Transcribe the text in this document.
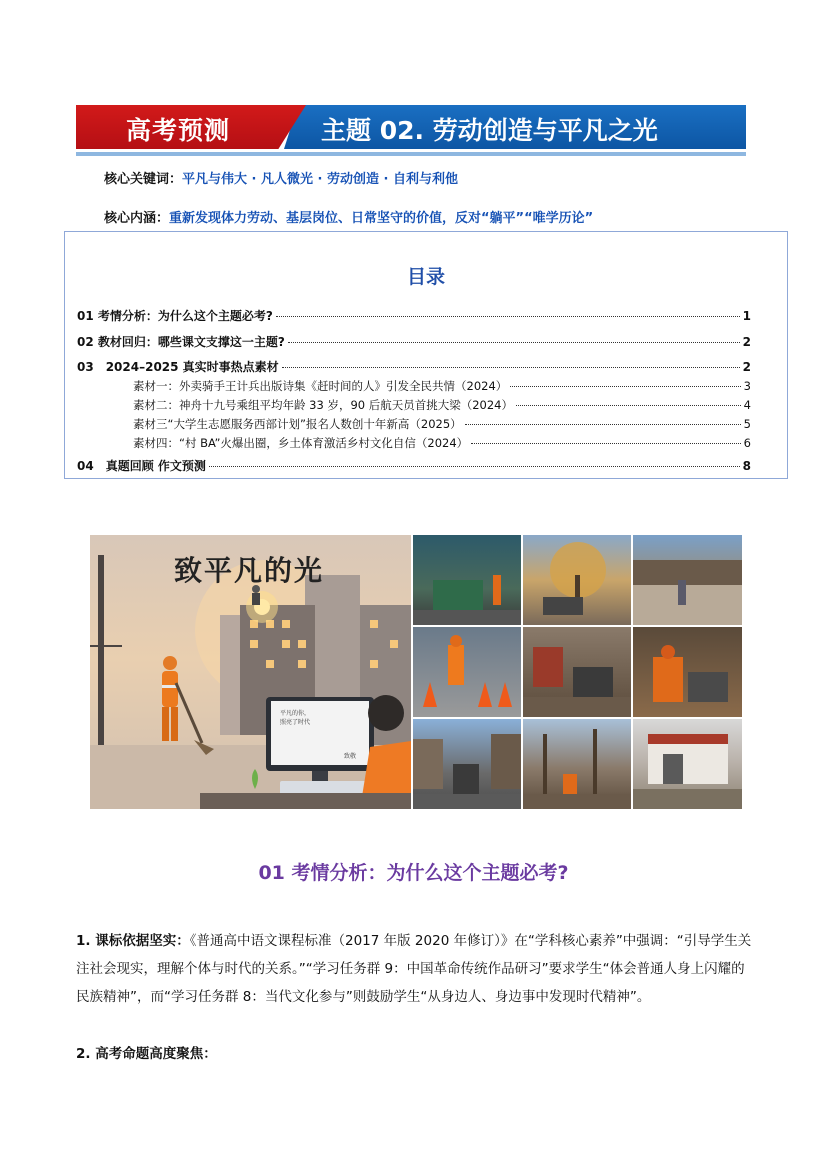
高考预测	主题 02. 劳动创造与平凡之光
核心关键词：平凡与伟大 · 凡人微光 · 劳动创造 · 自利与利他
核心内涵：重新发现体力劳动、基层岗位、日常坚守的价值，反对“躺平”“唯学历论”
目录
01 考情分析：为什么这个主题必考?	1
02 教材回归：哪些课文支撑这一主题?	2
03　2024–2025 真实时事热点素材	2
素材一：外卖骑手王计兵出版诗集《赶时间的人》引发全民共情（2024）	3
素材二：神舟十九号乘组平均年龄 33 岁，90 后航天员首挑大梁（2024）	4
素材三“大学生志愿服务西部计划”报名人数创十年新高（2025）	5
素材四：“村 BA”火爆出圈，乡土体育激活乡村文化自信（2024）	6
04　真题回顾 作文预测	8
致平凡的光
平凡的你，
照亮了时代
致敬
01 考情分析：为什么这个主题必考?
1. 课标依据坚实：《普通高中语文课程标准（2017 年版 2020 年修订）》在“学科核心素养”中强调：“引导学生关注社会现实，理解个体与时代的关系。”“学习任务群 9：中国革命传统作品研习”要求学生“体会普通人身上闪耀的民族精神”，而“学习任务群 8：当代文化参与”则鼓励学生“从身边人、身边事中发现时代精神”。
2. 高考命题高度聚焦：
